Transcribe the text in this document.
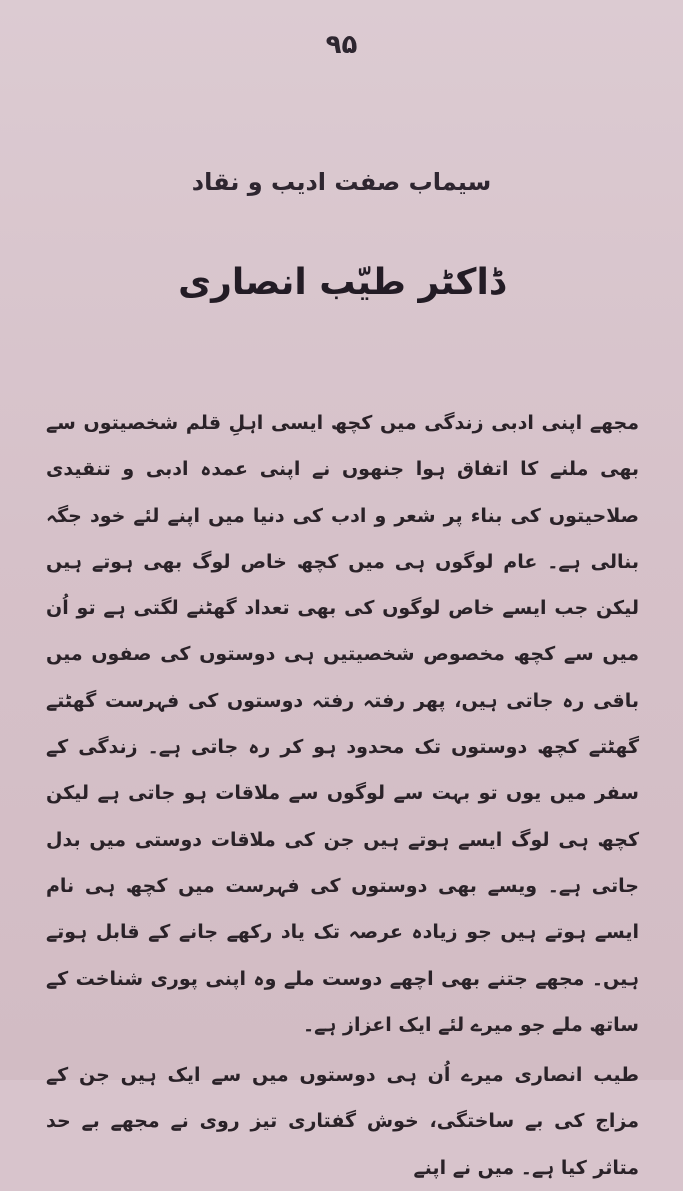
۹۵
سیماب صفت ادیب و نقاد
ڈاکٹر طیّب انصاری

مجھے اپنی ادبی زندگی میں کچھ ایسی اہلِ قلم شخصیتوں سے بھی ملنے کا اتفاق ہوا جنھوں نے اپنی عمدہ ادبی و تنقیدی صلاحیتوں کی بناء پر شعر و ادب کی دنیا میں اپنے لئے خود جگہ بنالی ہے۔ عام لوگوں ہی میں کچھ خاص لوگ بھی ہوتے ہیں لیکن جب ایسے خاص لوگوں کی بھی تعداد گھٹنے لگتی ہے تو اُن میں سے کچھ مخصوص شخصیتیں ہی دوستوں کی صفوں میں باقی رہ جاتی ہیں، پھر رفتہ رفتہ دوستوں کی فہرست گھٹتے گھٹتے کچھ دوستوں تک محدود ہو کر رہ جاتی ہے۔ زندگی کے سفر میں یوں تو بہت سے لوگوں سے ملاقات ہو جاتی ہے لیکن کچھ ہی لوگ ایسے ہوتے ہیں جن کی ملاقات دوستی میں بدل جاتی ہے۔ ویسے بھی دوستوں کی فہرست میں کچھ ہی نام ایسے ہوتے ہیں جو زیادہ عرصہ تک یاد رکھے جانے کے قابل ہوتے ہیں۔ مجھے جتنے بھی اچھے دوست ملے وہ اپنی پوری شناخت کے ساتھ ملے جو میرے لئے ایک اعزاز ہے۔

طیب انصاری میرے اُن ہی دوستوں میں سے ایک ہیں جن کے مزاج کی بے ساختگی، خوش گفتاری تیز روی نے مجھے بے حد متاثر کیا ہے۔ میں نے اپنے
